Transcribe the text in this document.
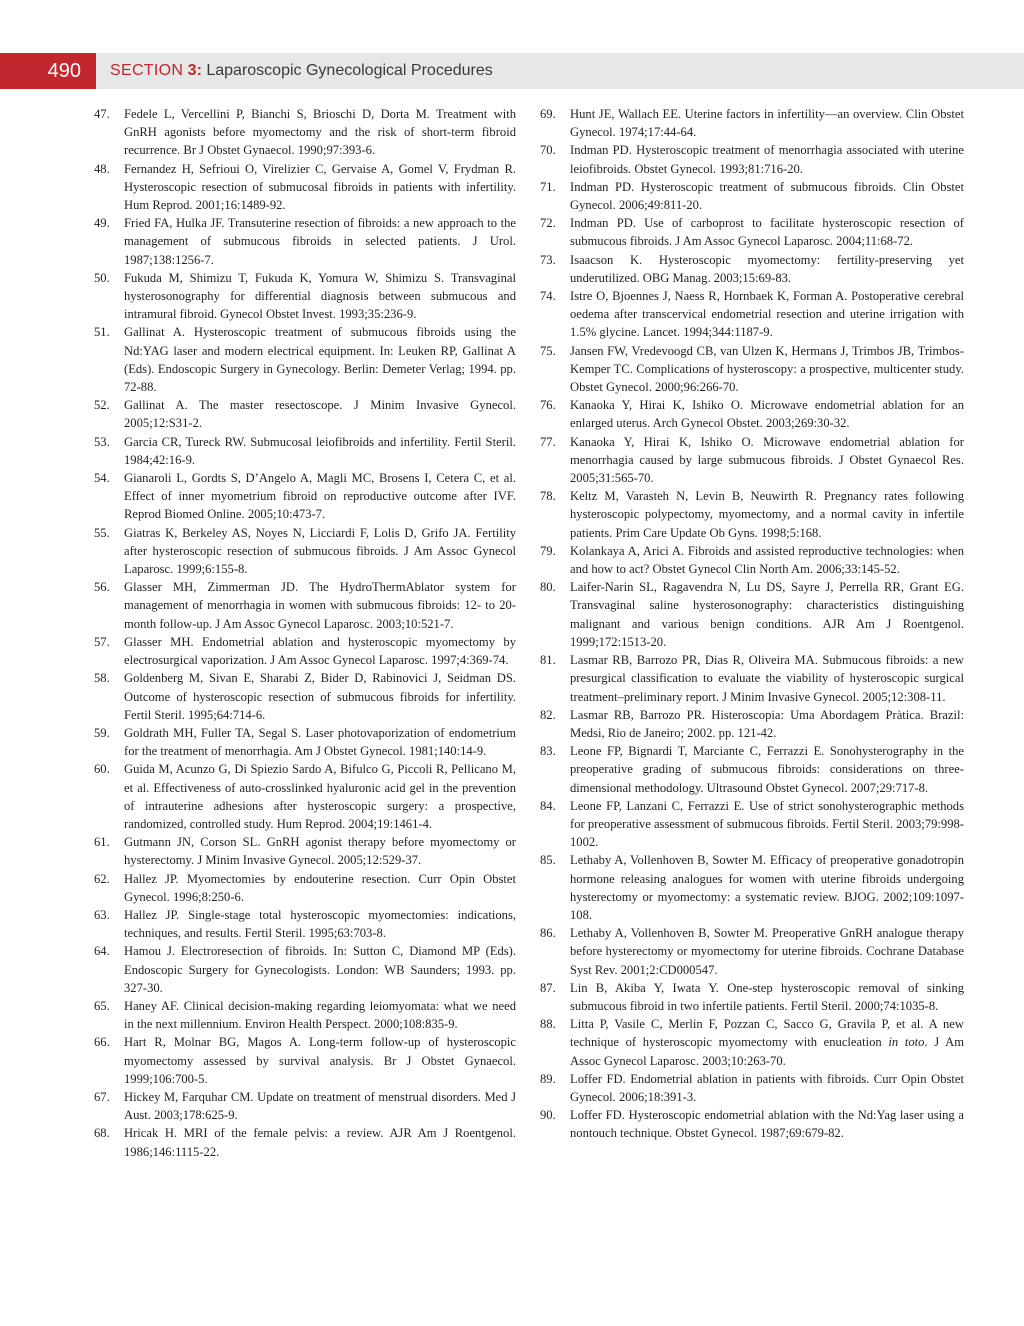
490	SECTION 3: Laparoscopic Gynecological Procedures
47.	Fedele L, Vercellini P, Bianchi S, Brioschi D, Dorta M. Treatment with GnRH agonists before myomectomy and the risk of short-term fibroid recurrence. Br J Obstet Gynaecol. 1990;97:393-6.
48.	Fernandez H, Sefrioui O, Virelizier C, Gervaise A, Gomel V, Frydman R. Hysteroscopic resection of submucosal fibroids in patients with infertility. Hum Reprod. 2001;16:1489-92.
49.	Fried FA, Hulka JF. Transuterine resection of fibroids: a new approach to the management of submucous fibroids in selected patients. J Urol. 1987;138:1256-7.
50.	Fukuda M, Shimizu T, Fukuda K, Yomura W, Shimizu S. Transvaginal hysterosonography for differential diagnosis between submucous and intramural fibroid. Gynecol Obstet Invest. 1993;35:236-9.
51.	Gallinat A. Hysteroscopic treatment of submucous fibroids using the Nd:YAG laser and modern electrical equipment. In: Leuken RP, Gallinat A (Eds). Endoscopic Surgery in Gynecology. Berlin: Demeter Verlag; 1994. pp. 72-88.
52.	Gallinat A. The master resectoscope. J Minim Invasive Gynecol. 2005;12:S31-2.
53.	Garcia CR, Tureck RW. Submucosal leiofibroids and infertility. Fertil Steril. 1984;42:16-9.
54.	Gianaroli L, Gordts S, D’Angelo A, Magli MC, Brosens I, Cetera C, et al. Effect of inner myometrium fibroid on reproductive outcome after IVF. Reprod Biomed Online. 2005;10:473-7.
55.	Giatras K, Berkeley AS, Noyes N, Licciardi F, Lolis D, Grifo JA. Fertility after hysteroscopic resection of submucous fibroids. J Am Assoc Gynecol Laparosc. 1999;6:155-8.
56.	Glasser MH, Zimmerman JD. The HydroThermAblator system for management of menorrhagia in women with submucous fibroids: 12- to 20-month follow-up. J Am Assoc Gynecol Laparosc. 2003;10:521-7.
57.	Glasser MH. Endometrial ablation and hysteroscopic myomectomy by electrosurgical vaporization. J Am Assoc Gynecol Laparosc. 1997;4:369-74.
58.	Goldenberg M, Sivan E, Sharabi Z, Bider D, Rabinovici J, Seidman DS. Outcome of hysteroscopic resection of submucous fibroids for infertility. Fertil Steril. 1995;64:714-6.
59.	Goldrath MH, Fuller TA, Segal S. Laser photovaporization of endometrium for the treatment of menorrhagia. Am J Obstet Gynecol. 1981;140:14-9.
60.	Guida M, Acunzo G, Di Spiezio Sardo A, Bifulco G, Piccoli R, Pellicano M, et al. Effectiveness of auto-crosslinked hyaluronic acid gel in the prevention of intrauterine adhesions after hysteroscopic surgery: a prospective, randomized, controlled study. Hum Reprod. 2004;19:1461-4.
61.	Gutmann JN, Corson SL. GnRH agonist therapy before myomectomy or hysterectomy. J Minim Invasive Gynecol. 2005;12:529-37.
62.	Hallez JP. Myomectomies by endouterine resection. Curr Opin Obstet Gynecol. 1996;8:250-6.
63.	Hallez JP. Single-stage total hysteroscopic myomectomies: indications, techniques, and results. Fertil Steril. 1995;63:703-8.
64.	Hamou J. Electroresection of fibroids. In: Sutton C, Diamond MP (Eds). Endoscopic Surgery for Gynecologists. London: WB Saunders; 1993. pp. 327-30.
65.	Haney AF. Clinical decision-making regarding leiomyomata: what we need in the next millennium. Environ Health Perspect. 2000;108:835-9.
66.	Hart R, Molnar BG, Magos A. Long-term follow-up of hysteroscopic myomectomy assessed by survival analysis. Br J Obstet Gynaecol. 1999;106:700-5.
67.	Hickey M, Farquhar CM. Update on treatment of menstrual disorders. Med J Aust. 2003;178:625-9.
68.	Hricak H. MRI of the female pelvis: a review. AJR Am J Roentgenol. 1986;146:1115-22.
69.	Hunt JE, Wallach EE. Uterine factors in infertility—an overview. Clin Obstet Gynecol. 1974;17:44-64.
70.	Indman PD. Hysteroscopic treatment of menorrhagia associated with uterine leiofibroids. Obstet Gynecol. 1993;81:716-20.
71.	Indman PD. Hysteroscopic treatment of submucous fibroids. Clin Obstet Gynecol. 2006;49:811-20.
72.	Indman PD. Use of carboprost to facilitate hysteroscopic resection of submucous fibroids. J Am Assoc Gynecol Laparosc. 2004;11:68-72.
73.	Isaacson K. Hysteroscopic myomectomy: fertility-preserving yet underutilized. OBG Manag. 2003;15:69-83.
74.	Istre O, Bjoennes J, Naess R, Hornbaek K, Forman A. Postoperative cerebral oedema after transcervical endometrial resection and uterine irrigation with 1.5% glycine. Lancet. 1994;344:1187-9.
75.	Jansen FW, Vredevoogd CB, van Ulzen K, Hermans J, Trimbos JB, Trimbos-Kemper TC. Complications of hysteroscopy: a prospective, multicenter study. Obstet Gynecol. 2000;96:266-70.
76.	Kanaoka Y, Hirai K, Ishiko O. Microwave endometrial ablation for an enlarged uterus. Arch Gynecol Obstet. 2003;269:30-32.
77.	Kanaoka Y, Hirai K, Ishiko O. Microwave endometrial ablation for menorrhagia caused by large submucous fibroids. J Obstet Gynaecol Res. 2005;31:565-70.
78.	Keltz M, Varasteh N, Levin B, Neuwirth R. Pregnancy rates following hysteroscopic polypectomy, myomectomy, and a normal cavity in infertile patients. Prim Care Update Ob Gyns. 1998;5:168.
79.	Kolankaya A, Arici A. Fibroids and assisted reproductive technologies: when and how to act? Obstet Gynecol Clin North Am. 2006;33:145-52.
80.	Laifer-Narin SL, Ragavendra N, Lu DS, Sayre J, Perrella RR, Grant EG. Transvaginal saline hysterosonography: characteristics distinguishing malignant and various benign conditions. AJR Am J Roentgenol. 1999;172:1513-20.
81.	Lasmar RB, Barrozo PR, Dias R, Oliveira MA. Submucous fibroids: a new presurgical classification to evaluate the viability of hysteroscopic surgical treatment–preliminary report. J Minim Invasive Gynecol. 2005;12:308-11.
82.	Lasmar RB, Barrozo PR. Histeroscopia: Uma Abordagem Pràtica. Brazil: Medsi, Rio de Janeiro; 2002. pp. 121-42.
83.	Leone FP, Bignardi T, Marciante C, Ferrazzi E. Sonohysterography in the preoperative grading of submucous fibroids: considerations on three-dimensional methodology. Ultrasound Obstet Gynecol. 2007;29:717-8.
84.	Leone FP, Lanzani C, Ferrazzi E. Use of strict sonohysterographic methods for preoperative assessment of submucous fibroids. Fertil Steril. 2003;79:998-1002.
85.	Lethaby A, Vollenhoven B, Sowter M. Efficacy of preoperative gonadotropin hormone releasing analogues for women with uterine fibroids undergoing hysterectomy or myomectomy: a systematic review. BJOG. 2002;109:1097-108.
86.	Lethaby A, Vollenhoven B, Sowter M. Preoperative GnRH analogue therapy before hysterectomy or myomectomy for uterine fibroids. Cochrane Database Syst Rev. 2001;2:CD000547.
87.	Lin B, Akiba Y, Iwata Y. One-step hysteroscopic removal of sinking submucous fibroid in two infertile patients. Fertil Steril. 2000;74:1035-8.
88.	Litta P, Vasile C, Merlin F, Pozzan C, Sacco G, Gravila P, et al. A new technique of hysteroscopic myomectomy with enucleation in toto. J Am Assoc Gynecol Laparosc. 2003;10:263-70.
89.	Loffer FD. Endometrial ablation in patients with fibroids. Curr Opin Obstet Gynecol. 2006;18:391-3.
90.	Loffer FD. Hysteroscopic endometrial ablation with the Nd:Yag laser using a nontouch technique. Obstet Gynecol. 1987;69:679-82.
